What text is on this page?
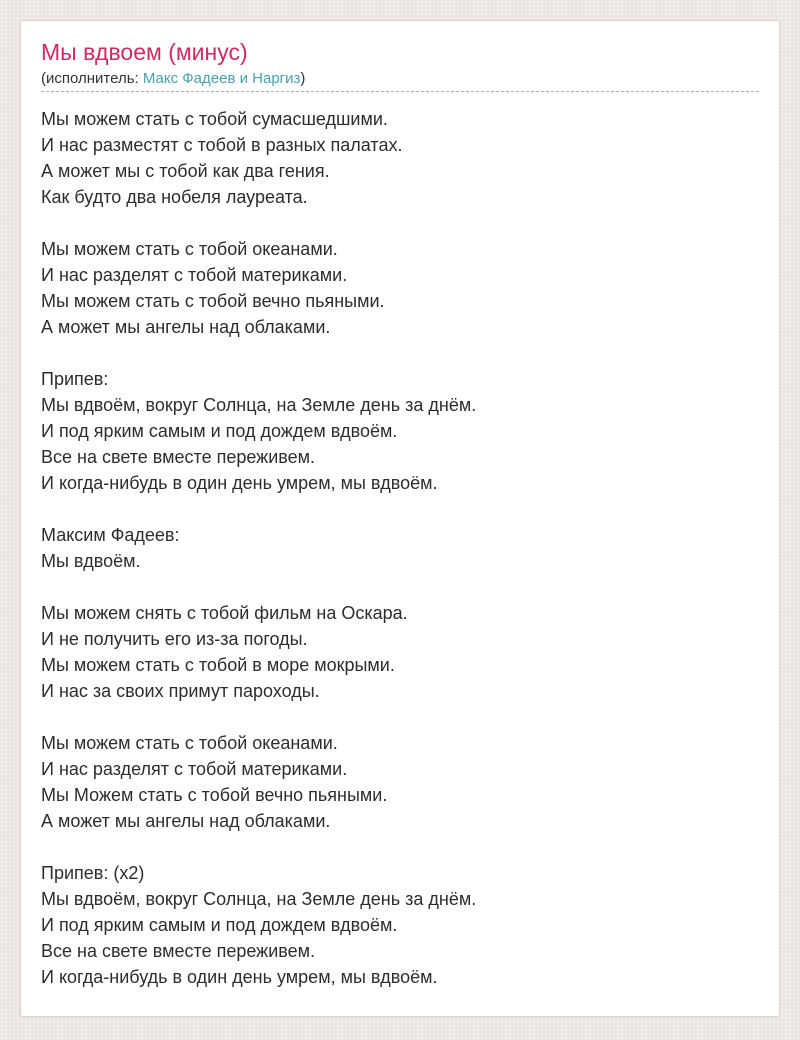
Мы вдвоем (минус)
(исполнитель: Макс Фадеев и Наргиз)
Мы можем стать с тобой сумасшедшими.
И нас разместят с тобой в разных палатах.
А может мы с тобой как два гения.
Как будто два нобеля лауреата.
Мы можем стать с тобой океанами.
И нас разделят с тобой материками.
Мы можем стать с тобой вечно пьяными.
А может мы ангелы над облаками.
Припев:
Мы вдвоём, вокруг Солнца, на Земле день за днём.
И под ярким самым и под дождем вдвоём.
Все на свете вместе переживем.
И когда-нибудь в один день умрем, мы вдвоём.
Максим Фадеев:
Мы вдвоём.
Мы можем снять с тобой фильм на Оскара.
И не получить его из-за погоды.
Мы можем стать с тобой в море мокрыми.
И нас за своих примут пароходы.
Мы можем стать с тобой океанами.
И нас разделят с тобой материками.
Мы Можем стать с тобой вечно пьяными.
А может мы ангелы над облаками.
Припев: (x2)
Мы вдвоём, вокруг Солнца, на Земле день за днём.
И под ярким самым и под дождем вдвоём.
Все на свете вместе переживем.
И когда-нибудь в один день умрем, мы вдвоём.
